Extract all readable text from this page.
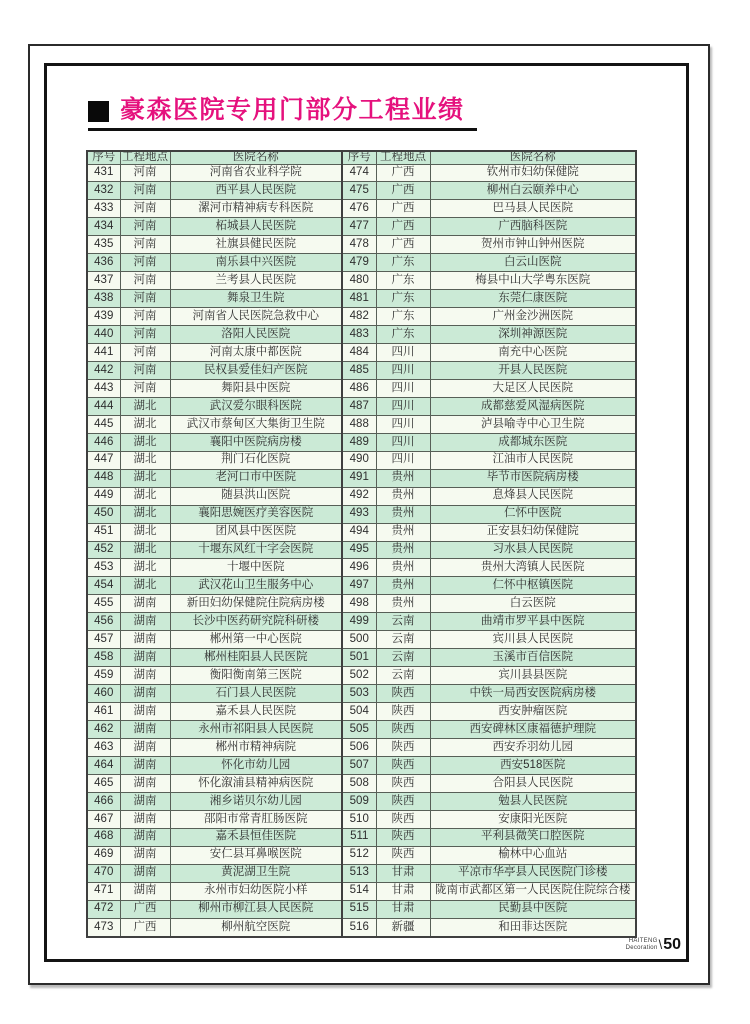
豪森医院专用门部分工程业绩
序号	工程地点	医院名称	序号	工程地点	医院名称
431	河南	河南省农业科学院	474	广西	钦州市妇幼保健院
432	河南	西平县人民医院	475	广西	柳州白云颐养中心
433	河南	漯河市精神病专科医院	476	广西	巴马县人民医院
434	河南	柘城县人民医院	477	广西	广西脑科医院
435	河南	社旗县健民医院	478	广西	贺州市钟山钟州医院
436	河南	南乐县中兴医院	479	广东	白云山医院
437	河南	兰考县人民医院	480	广东	梅县中山大学粤东医院
438	河南	舞泉卫生院	481	广东	东莞仁康医院
439	河南	河南省人民医院急救中心	482	广东	广州金沙洲医院
440	河南	洛阳人民医院	483	广东	深圳神源医院
441	河南	河南太康中都医院	484	四川	南充中心医院
442	河南	民权县爱佳妇产医院	485	四川	开县人民医院
443	河南	舞阳县中医院	486	四川	大足区人民医院
444	湖北	武汉爱尔眼科医院	487	四川	成都慈爱风湿病医院
445	湖北	武汉市蔡甸区大集街卫生院	488	四川	泸县喻寺中心卫生院
446	湖北	襄阳中医院病房楼	489	四川	成都城东医院
447	湖北	荆门石化医院	490	四川	江油市人民医院
448	湖北	老河口市中医院	491	贵州	毕节市医院病房楼
449	湖北	随县洪山医院	492	贵州	息烽县人民医院
450	湖北	襄阳思婉医疗美容医院	493	贵州	仁怀中医院
451	湖北	团风县中医医院	494	贵州	正安县妇幼保健院
452	湖北	十堰东风红十字会医院	495	贵州	习水县人民医院
453	湖北	十堰中医院	496	贵州	贵州大湾镇人民医院
454	湖北	武汉花山卫生服务中心	497	贵州	仁怀中枢镇医院
455	湖南	新田妇幼保健院住院病房楼	498	贵州	白云医院
456	湖南	长沙中医药研究院科研楼	499	云南	曲靖市罗平县中医院
457	湖南	郴州第一中心医院	500	云南	宾川县人民医院
458	湖南	郴州桂阳县人民医院	501	云南	玉溪市百信医院
459	湖南	衡阳衡南第三医院	502	云南	宾川县县医院
460	湖南	石门县人民医院	503	陕西	中铁一局西安医院病房楼
461	湖南	嘉禾县人民医院	504	陕西	西安肿瘤医院
462	湖南	永州市祁阳县人民医院	505	陕西	西安碑林区康福德护理院
463	湖南	郴州市精神病院	506	陕西	西安乔羽幼儿园
464	湖南	怀化市幼儿园	507	陕西	西安518医院
465	湖南	怀化溆浦县精神病医院	508	陕西	合阳县人民医院
466	湖南	湘乡诺贝尔幼儿园	509	陕西	勉县人民医院
467	湖南	邵阳市常青肛肠医院	510	陕西	安康阳光医院
468	湖南	嘉禾县恒佳医院	511	陕西	平利县微笑口腔医院
469	湖南	安仁县耳鼻喉医院	512	陕西	榆林中心血站
470	湖南	黄泥湖卫生院	513	甘肃	平凉市华亭县人民医院门诊楼
471	湖南	永州市妇幼医院小样	514	甘肃	陇南市武都区第一人民医院住院综合楼
472	广西	柳州市柳江县人民医院	515	甘肃	民勤县中医院
473	广西	柳州航空医院	516	新疆	和田菲达医院
HAITENG
Decoration \ 50
